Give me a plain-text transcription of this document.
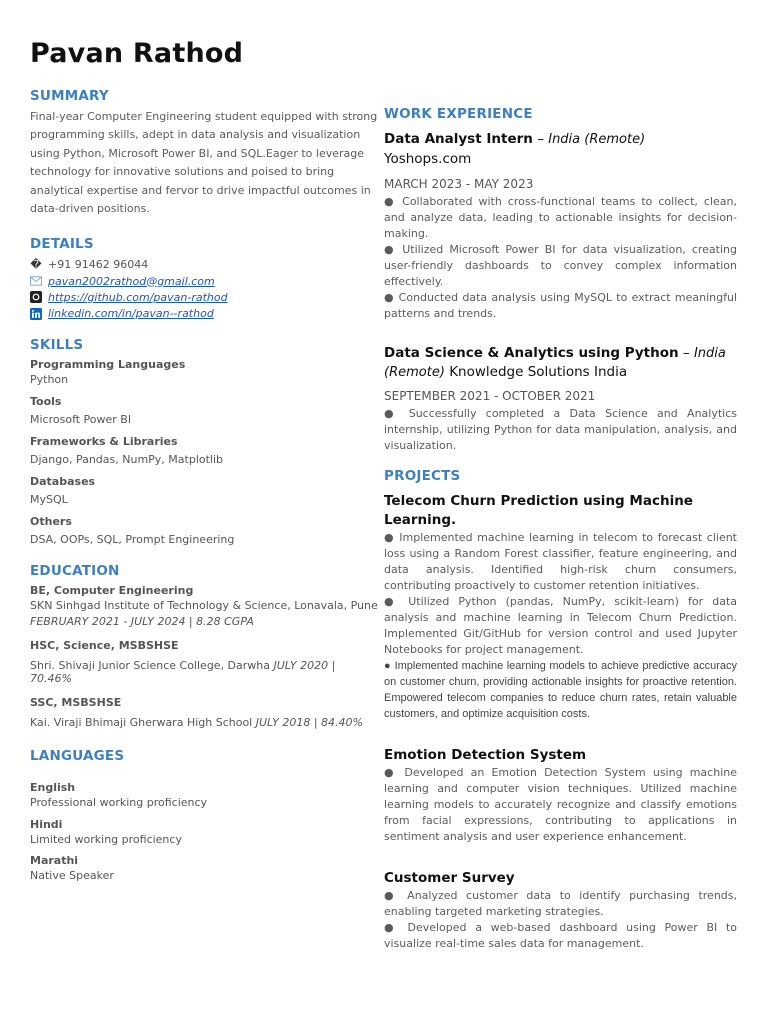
Pavan Rathod
SUMMARY
Final-year Computer Engineering student equipped with strong programming skills, adept in data analysis and visualization using Python, Microsoft Power BI, and SQL.Eager to leverage technology for innovative solutions and poised to bring analytical expertise and fervor to drive impactful outcomes in data-driven positions.
DETAILS
� +91 91462 96044
pavan2002rathod@gmail.com
https://github.com/pavan-rathod
linkedin.com/in/pavan--rathod
SKILLS
Programming Languages
Python
Tools
Microsoft Power BI
Frameworks & Libraries
Django, Pandas, NumPy, Matplotlib
Databases
MySQL
Others
DSA, OOPs, SQL, Prompt Engineering
EDUCATION
BE, Computer Engineering
SKN Sinhgad Institute of Technology & Science, Lonavala, Pune
FEBRUARY 2021 - JULY 2024 | 8.28 CGPA
HSC, Science, MSBSHSE
Shri. Shivaji Junior Science College, Darwha JULY 2020 | 70.46%
SSC, MSBSHSE
Kai. Viraji Bhimaji Gherwara High School JULY 2018 | 84.40%
LANGUAGES
English
Professional working proficiency
Hindi
Limited working proficiency
Marathi
Native Speaker
WORK EXPERIENCE
Data Analyst Intern – India (Remote)
Yoshops.com
MARCH 2023 - MAY 2023
● Collaborated with cross-functional teams to collect, clean, and analyze data, leading to actionable insights for decision-making.
● Utilized Microsoft Power BI for data visualization, creating user-friendly dashboards to convey complex information effectively.
● Conducted data analysis using MySQL to extract meaningful patterns and trends.
Data Science & Analytics using Python – India (Remote) Knowledge Solutions India
SEPTEMBER 2021 - OCTOBER 2021
● Successfully completed a Data Science and Analytics internship, utilizing Python for data manipulation, analysis, and visualization.
PROJECTS
Telecom Churn Prediction using Machine Learning.
● Implemented machine learning in telecom to forecast client loss using a Random Forest classifier, feature engineering, and data analysis. Identified high-risk churn consumers, contributing proactively to customer retention initiatives.
● Utilized Python (pandas, NumPy, scikit-learn) for data analysis and machine learning in Telecom Churn Prediction. Implemented Git/GitHub for version control and used Jupyter Notebooks for project management.
● Implemented machine learning models to achieve predictive accuracy on customer churn, providing actionable insights for proactive retention. Empowered telecom companies to reduce churn rates, retain valuable customers, and optimize acquisition costs.
Emotion Detection System
● Developed an Emotion Detection System using machine learning and computer vision techniques. Utilized machine learning models to accurately recognize and classify emotions from facial expressions, contributing to applications in sentiment analysis and user experience enhancement.
Customer Survey
● Analyzed customer data to identify purchasing trends, enabling targeted marketing strategies.
● Developed a web-based dashboard using Power BI to visualize real-time sales data for management.
